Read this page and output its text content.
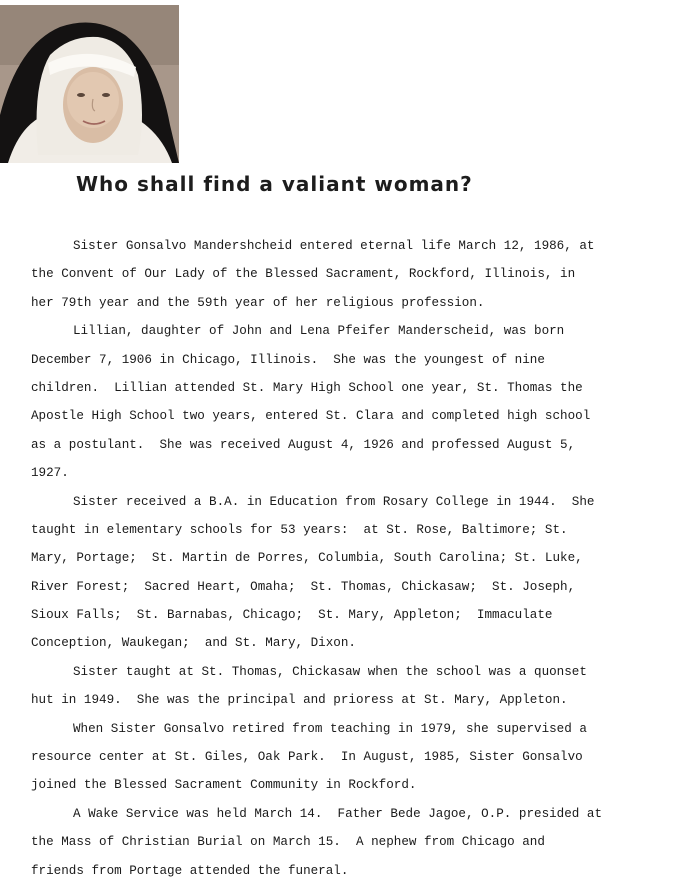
Who shall find a valiant woman?
Sister Gonsalvo Mandershcheid entered eternal life March 12, 1986, at
the Convent of Our Lady of the Blessed Sacrament, Rockford, Illinois, in
her 79th year and the 59th year of her religious profession.
Lillian, daughter of John and Lena Pfeifer Manderscheid, was born
December 7, 1906 in Chicago, Illinois.  She was the youngest of nine
children.  Lillian attended St. Mary High School one year, St. Thomas the
Apostle High School two years, entered St. Clara and completed high school
as a postulant.  She was received August 4, 1926 and professed August 5,
1927.
Sister received a B.A. in Education from Rosary College in 1944.  She
taught in elementary schools for 53 years:  at St. Rose, Baltimore; St.
Mary, Portage;  St. Martin de Porres, Columbia, South Carolina; St. Luke,
River Forest;  Sacred Heart, Omaha;  St. Thomas, Chickasaw;  St. Joseph,
Sioux Falls;  St. Barnabas, Chicago;  St. Mary, Appleton;  Immaculate
Conception, Waukegan;  and St. Mary, Dixon.
Sister taught at St. Thomas, Chickasaw when the school was a quonset
hut in 1949.  She was the principal and prioress at St. Mary, Appleton.
When Sister Gonsalvo retired from teaching in 1979, she supervised a
resource center at St. Giles, Oak Park.  In August, 1985, Sister Gonsalvo
joined the Blessed Sacrament Community in Rockford.
A Wake Service was held March 14.  Father Bede Jagoe, O.P. presided at
the Mass of Christian Burial on March 15.  A nephew from Chicago and
friends from Portage attended the funeral.
